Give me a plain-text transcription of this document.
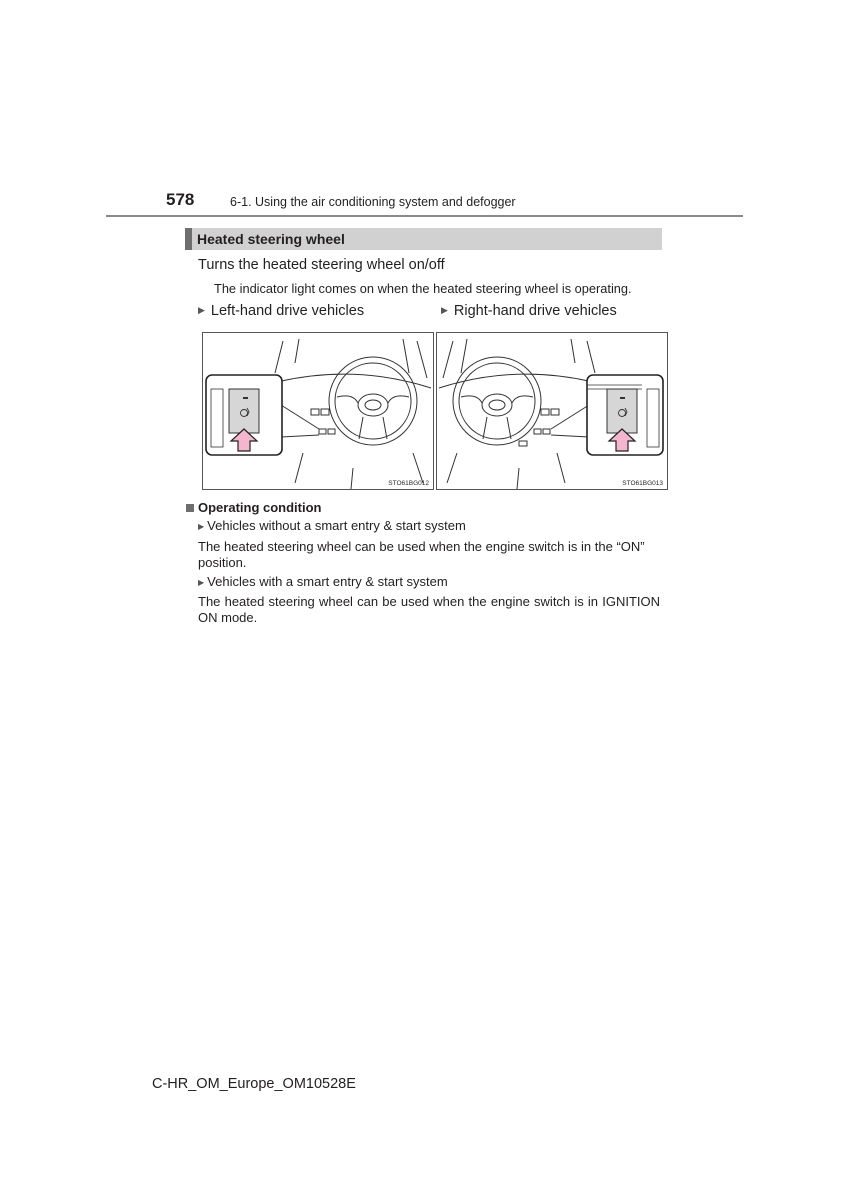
578	6-1. Using the air conditioning system and defogger
Heated steering wheel
Turns the heated steering wheel on/off
The indicator light comes on when the heated steering wheel is operating.
▶ Left-hand drive vehicles	▶ Right-hand drive vehicles
STO61BG012	STO61BG013
Operating condition
▶ Vehicles without a smart entry & start system
The heated steering wheel can be used when the engine switch is in the “ON” position.
▶ Vehicles with a smart entry & start system
The heated steering wheel can be used when the engine switch is in IGNITION ON mode.
C-HR_OM_Europe_OM10528E
